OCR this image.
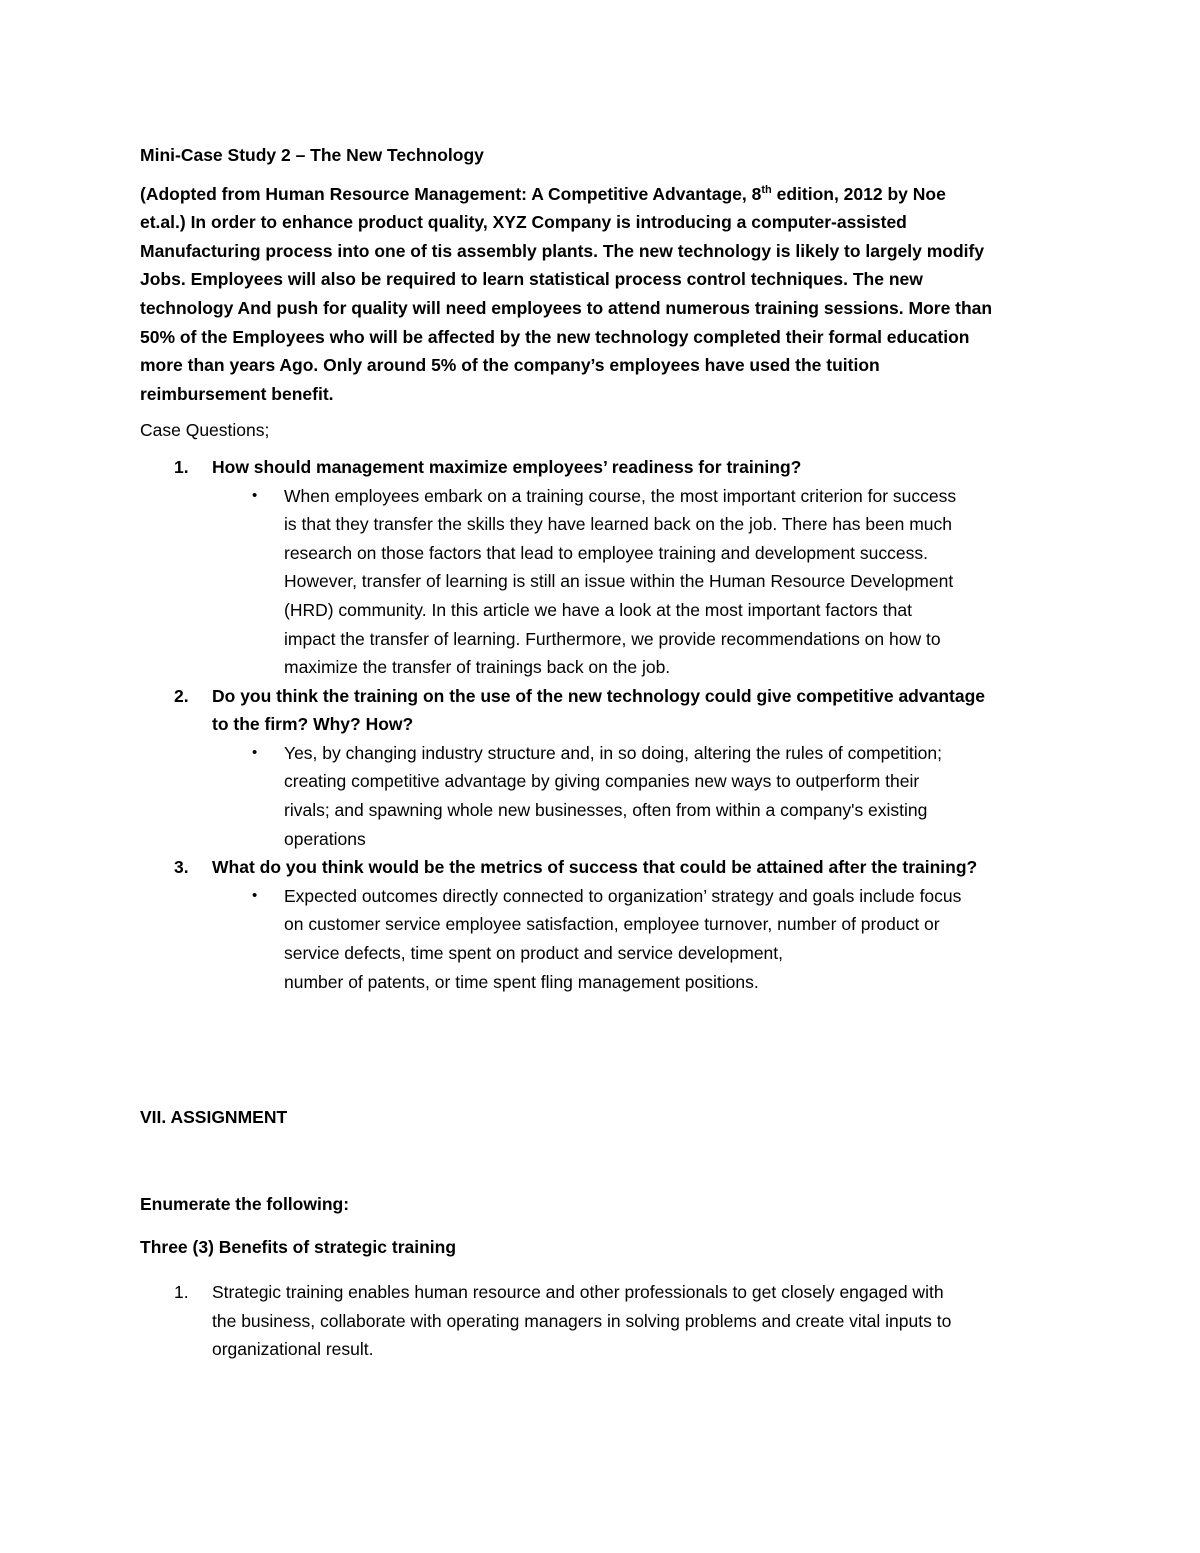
Mini-Case Study 2 – The New Technology
(Adopted from Human Resource Management: A Competitive Advantage, 8th edition, 2012 by Noe
et.al.) In order to enhance product quality, XYZ Company is introducing a computer-assisted
Manufacturing process into one of tis assembly plants. The new technology is likely to largely modify
Jobs. Employees will also be required to learn statistical process control techniques. The new
technology And push for quality will need employees to attend numerous training sessions. More than
50% of the Employees who will be affected by the new technology completed their formal education
more than years Ago. Only around 5% of the company’s employees have used the tuition
reimbursement benefit.
Case Questions;
1. How should management maximize employees’ readiness for training?
• When employees embark on a training course, the most important criterion for success
is that they transfer the skills they have learned back on the job. There has been much
research on those factors that lead to employee training and development success.
However, transfer of learning is still an issue within the Human Resource Development
(HRD) community. In this article we have a look at the most important factors that
impact the transfer of learning. Furthermore, we provide recommendations on how to
maximize the transfer of trainings back on the job.
2. Do you think the training on the use of the new technology could give competitive advantage
to the firm? Why? How?
• Yes, by changing industry structure and, in so doing, altering the rules of competition;
creating competitive advantage by giving companies new ways to outperform their
rivals; and spawning whole new businesses, often from within a company's existing
operations
3. What do you think would be the metrics of success that could be attained after the training?
• Expected outcomes directly connected to organization’ strategy and goals include focus
on customer service employee satisfaction, employee turnover, number of product or
service defects, time spent on product and service development,
number of patents, or time spent fling management positions.
VII. ASSIGNMENT
Enumerate the following:
Three (3) Benefits of strategic training
1. Strategic training enables human resource and other professionals to get closely engaged with
the business, collaborate with operating managers in solving problems and create vital inputs to
organizational result.
